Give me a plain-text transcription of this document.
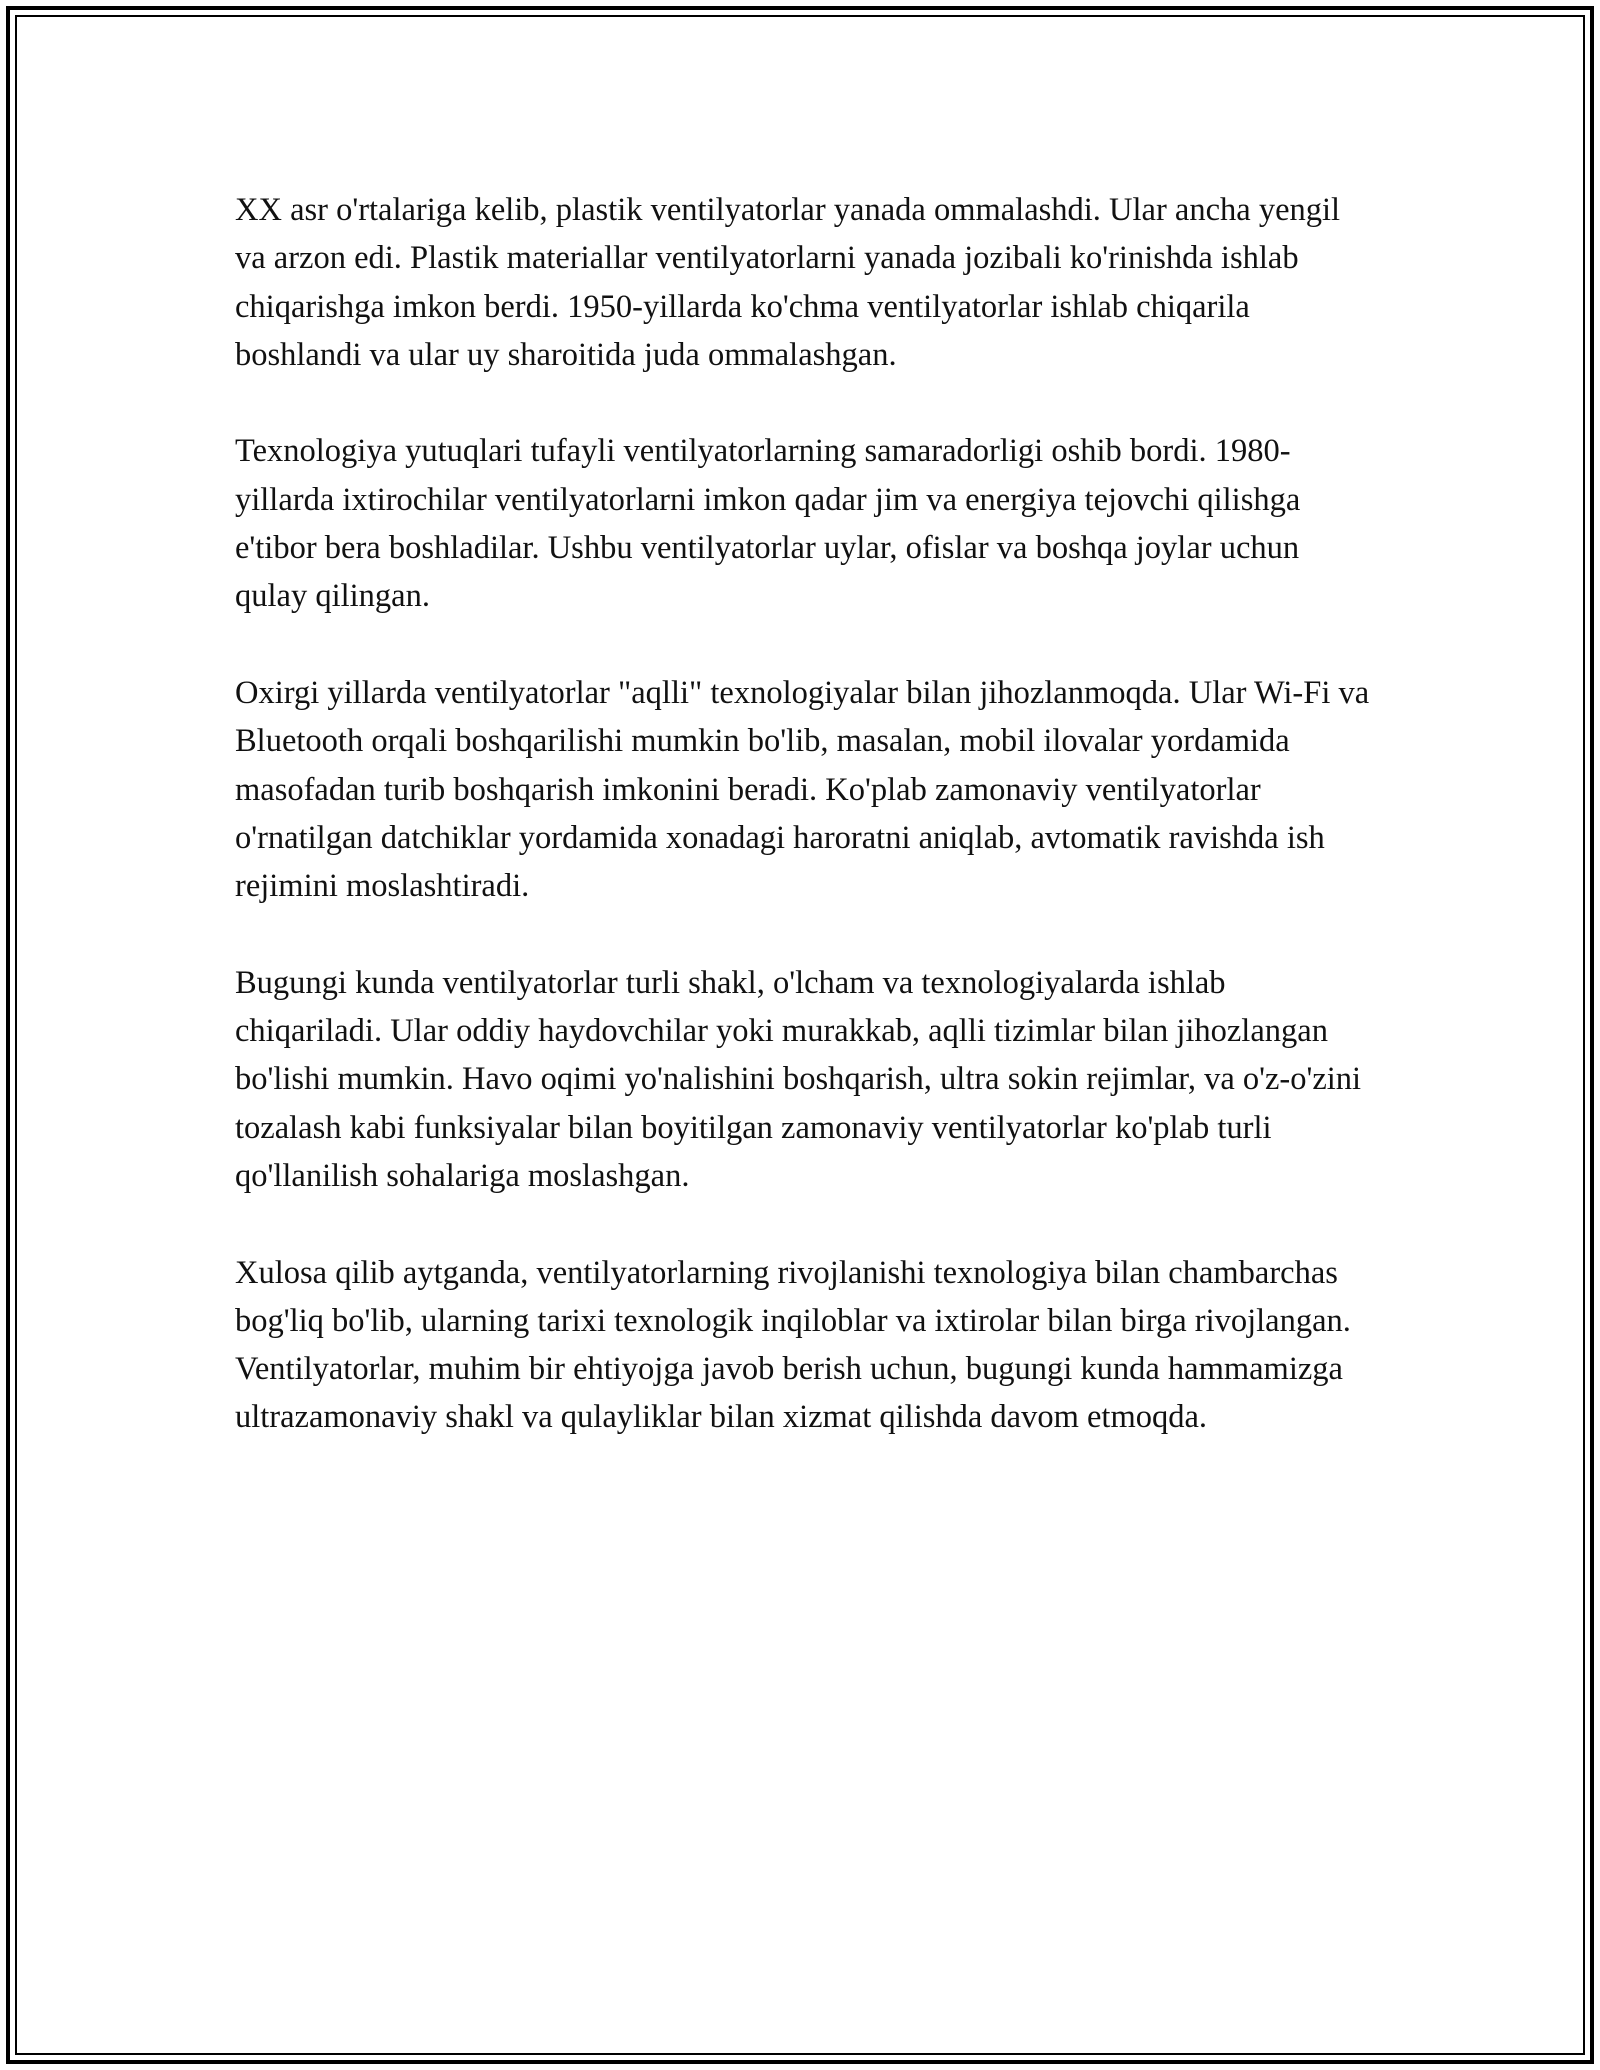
XX asr o'rtalariga kelib, plastik ventilyatorlar yanada ommalashdi. Ular ancha yengil va arzon edi. Plastik materiallar ventilyatorlarni yanada jozibali ko'rinishda ishlab chiqarishga imkon berdi. 1950-yillarda ko'chma ventilyatorlar ishlab chiqarila boshlandi va ular uy sharoitida juda ommalashgan.

Texnologiya yutuqlari tufayli ventilyatorlarning samaradorligi oshib bordi. 1980-yillarda ixtirochilar ventilyatorlarni imkon qadar jim va energiya tejovchi qilishga e'tibor bera boshladilar. Ushbu ventilyatorlar uylar, ofislar va boshqa joylar uchun qulay qilingan.

Oxirgi yillarda ventilyatorlar "aqlli" texnologiyalar bilan jihozlanmoqda. Ular Wi-Fi va Bluetooth orqali boshqarilishi mumkin bo'lib, masalan, mobil ilovalar yordamida masofadan turib boshqarish imkonini beradi. Ko'plab zamonaviy ventilyatorlar o'rnatilgan datchiklar yordamida xonadagi haroratni aniqlab, avtomatik ravishda ish rejimini moslashtiradi.

Bugungi kunda ventilyatorlar turli shakl, o'lcham va texnologiyalarda ishlab chiqariladi. Ular oddiy haydovchilar yoki murakkab, aqlli tizimlar bilan jihozlangan bo'lishi mumkin. Havo oqimi yo'nalishini boshqarish, ultra sokin rejimlar, va o'z-o'zini tozalash kabi funksiyalar bilan boyitilgan zamonaviy ventilyatorlar ko'plab turli qo'llanilish sohalariga moslashgan.

Xulosa qilib aytganda, ventilyatorlarning rivojlanishi texnologiya bilan chambarchas bog'liq bo'lib, ularning tarixi texnologik inqiloblar va ixtirolar bilan birga rivojlangan. Ventilyatorlar, muhim bir ehtiyojga javob berish uchun, bugungi kunda hammamizga ultrazamonaviy shakl va qulayliklar bilan xizmat qilishda davom etmoqda.
